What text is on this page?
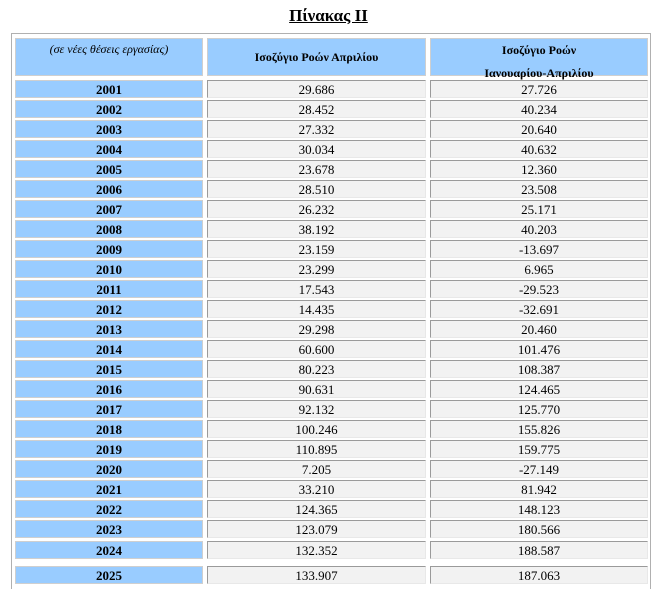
Πίνακας ΙΙ
(σε νέες θέσεις εργασίας)
Ισοζύγιο Ροών Απριλίου	Ισοζύγιο Ροών
Ιανουαρίου-Απριλίου
2001	29.686	27.726
2002	28.452	40.234
2003	27.332	20.640
2004	30.034	40.632
2005	23.678	12.360
2006	28.510	23.508
2007	26.232	25.171
2008	38.192	40.203
2009	23.159	-13.697
2010	23.299	6.965
2011	17.543	-29.523
2012	14.435	-32.691
2013	29.298	20.460
2014	60.600	101.476
2015	80.223	108.387
2016	90.631	124.465
2017	92.132	125.770
2018	100.246	155.826
2019	110.895	159.775
2020	7.205	-27.149
2021	33.210	81.942
2022	124.365	148.123
2023	123.079	180.566
2024	132.352	188.587
2025	133.907	187.063
